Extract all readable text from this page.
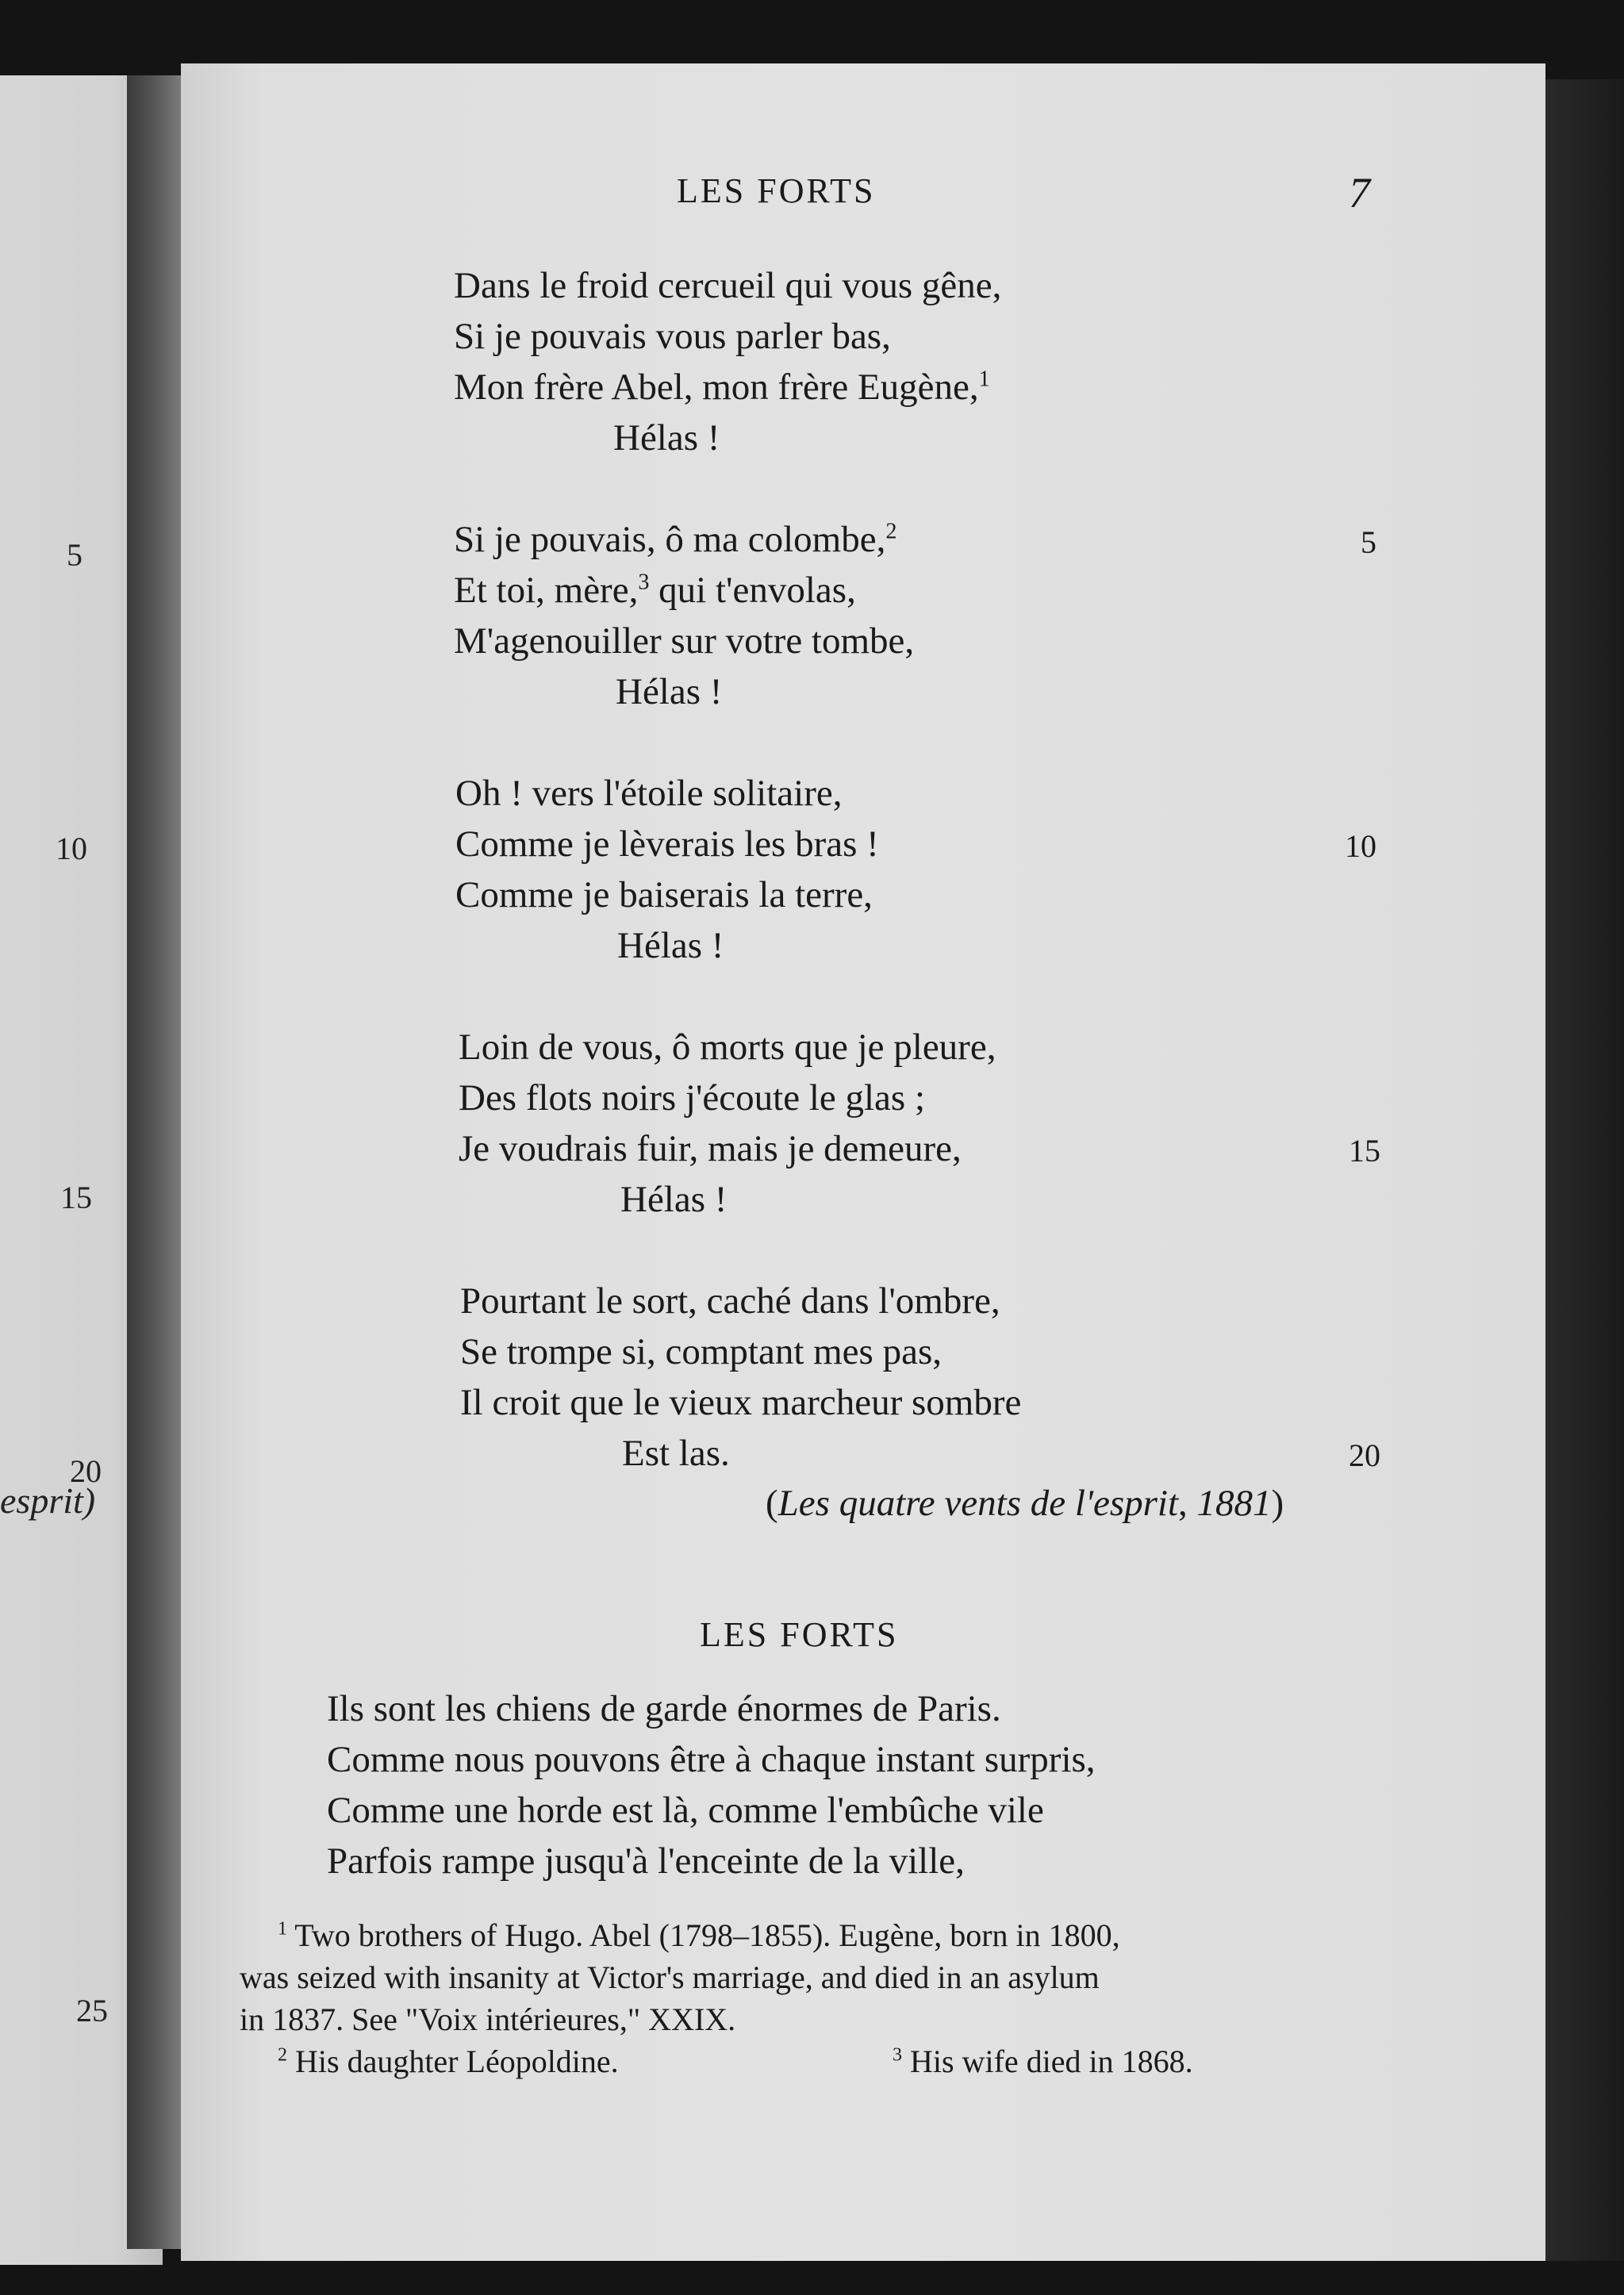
5
10
15
20
25
esprit)
LES FORTS	7
Dans le froid cercueil qui vous gêne,
Si je pouvais vous parler bas,
Mon frère Abel, mon frère Eugène,$^1$
Hélas !
Si je pouvais, ô ma colombe,$^2$	5
Et toi, mère,$^3$ qui t'envolas,
M'agenouiller sur votre tombe,
Hélas !
Oh ! vers l'étoile solitaire,
Comme je lèverais les bras !	10
Comme je baiserais la terre,
Hélas !
Loin de vous, ô morts que je pleure,
Des flots noirs j'écoute le glas ;
Je voudrais fuir, mais je demeure,	15
Hélas !
Pourtant le sort, caché dans l'ombre,
Se trompe si, comptant mes pas,
Il croit que le vieux marcheur sombre
Est las.	20
(Les quatre vents de l'esprit, 1881)
LES FORTS
Ils sont les chiens de garde énormes de Paris.
Comme nous pouvons être à chaque instant surpris,
Comme une horde est là, comme l'embûche vile
Parfois rampe jusqu'à l'enceinte de la ville,
$^1$ Two brothers of Hugo. Abel (1798–1855). Eugène, born in 1800,
was seized with insanity at Victor's marriage, and died in an asylum
in 1837. See "Voix intérieures," XXIX.
$^2$ His daughter Léopoldine.	$^3$ His wife died in 1868.
